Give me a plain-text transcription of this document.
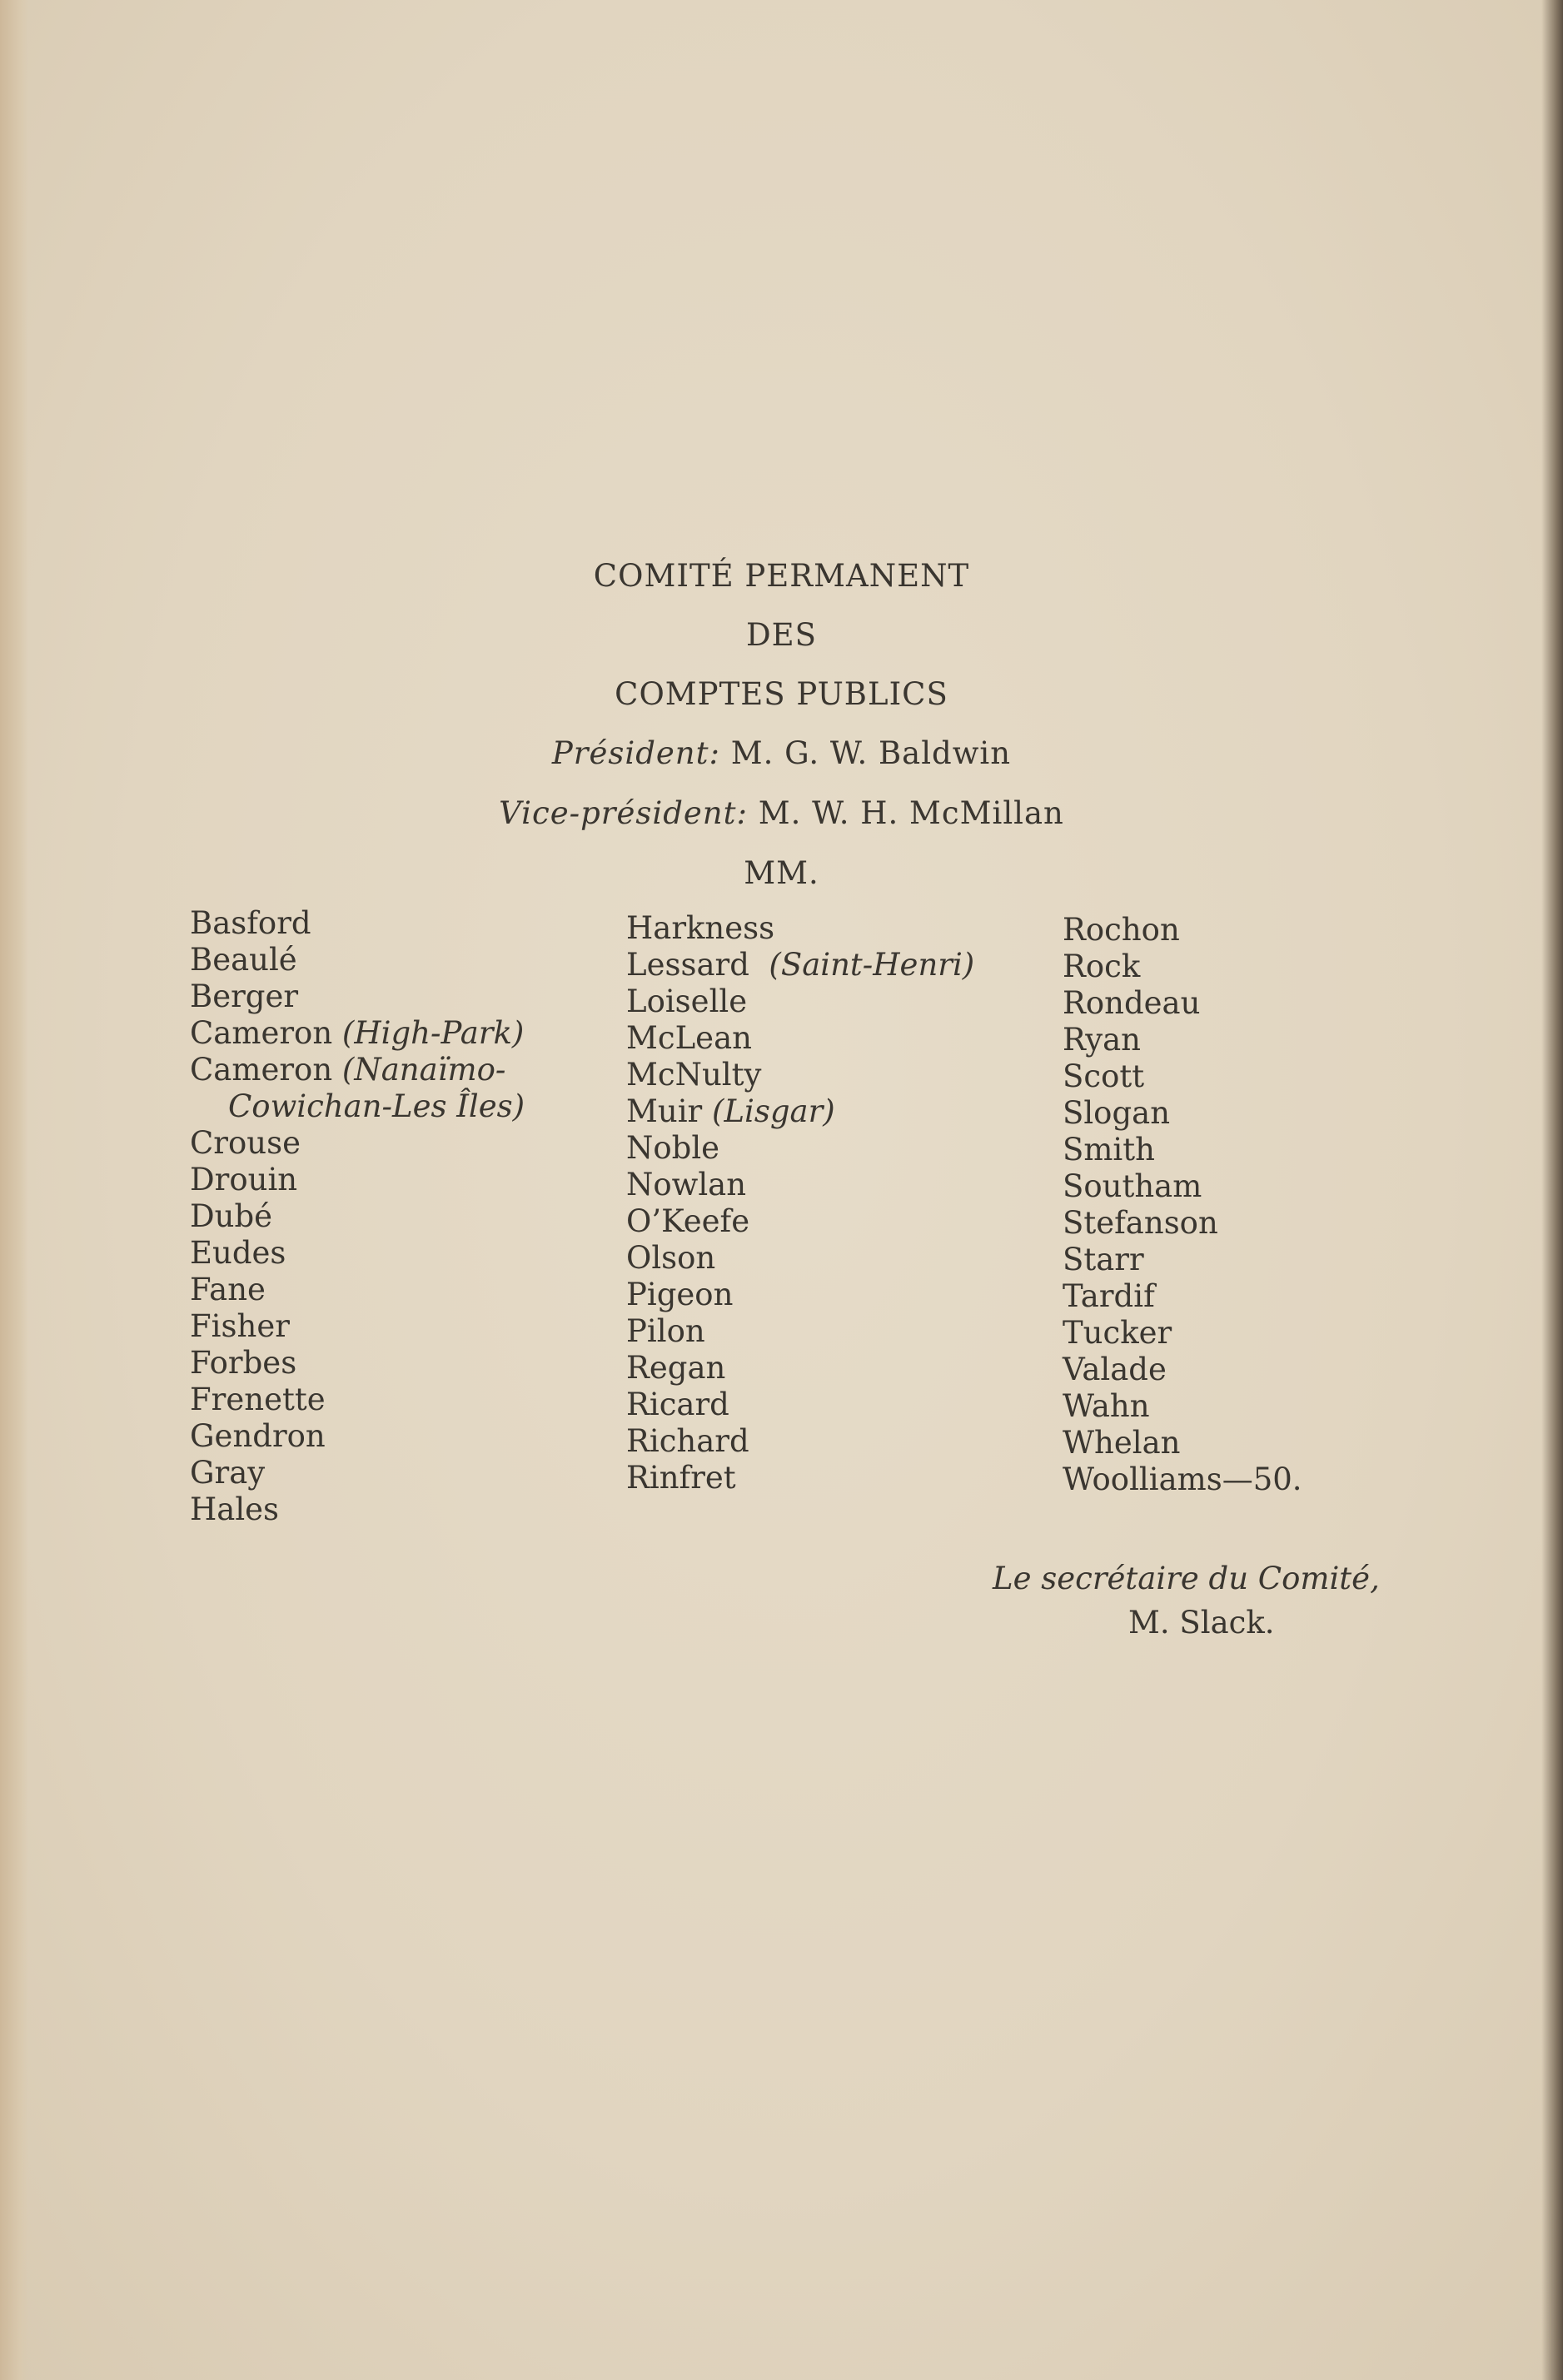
COMITÉ PERMANENT
DES
COMPTES PUBLICS
Président: M. G. W. Baldwin
Vice-président: M. W. H. McMillan
MM.
Basford
Beaulé
Berger
Cameron (High-Park)
Cameron (Nanaïmo-
Cowichan-Les Îles)
Crouse
Drouin
Dubé
Eudes
Fane
Fisher
Forbes
Frenette
Gendron
Gray
Hales
Harkness
Lessard (Saint-Henri)
Loiselle
McLean
McNulty
Muir (Lisgar)
Noble
Nowlan
O’Keefe
Olson
Pigeon
Pilon
Regan
Ricard
Richard
Rinfret
Rochon
Rock
Rondeau
Ryan
Scott
Slogan
Smith
Southam
Stefanson
Starr
Tardif
Tucker
Valade
Wahn
Whelan
Woolliams—50.
Le secrétaire du Comité,
M. Slack.
